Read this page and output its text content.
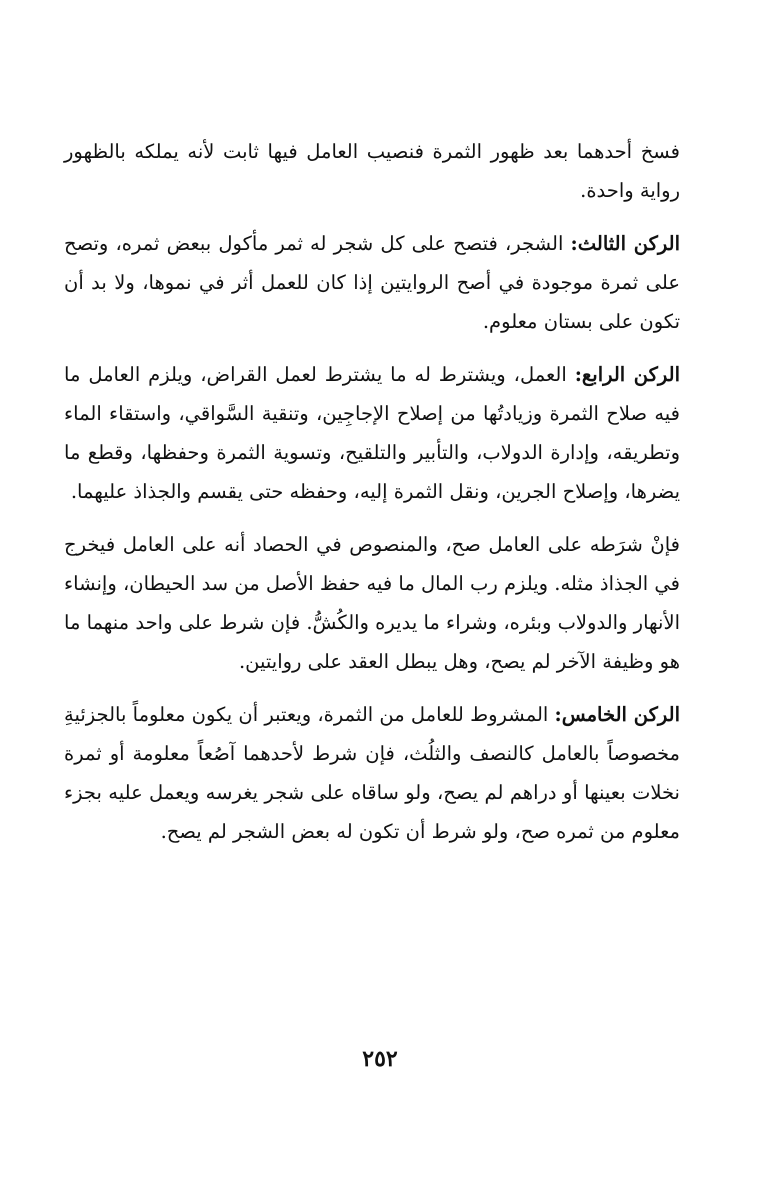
فسخ أحدهما بعد ظهور الثمرة فنصيب العامل فيها ثابت لأنه يملكه بالظهور رواية واحدة.

الركن الثالث: الشجر، فتصح على كل شجر له ثمر مأكول ببعض ثمره، وتصح على ثمرة موجودة في أصح الروايتين إذا كان للعمل أثر في نموها، ولا بد أن تكون على بستان معلوم.

الركن الرابع: العمل، ويشترط له ما يشترط لعمل القراض، ويلزم العامل ما فيه صلاح الثمرة وزيادتُها من إصلاح الإجاجِين، وتنقية السَّواقي، واستقاء الماء وتطريقه، وإدارة الدولاب، والتأبير والتلقيح، وتسوية الثمرة وحفظها، وقطع ما يضرها، وإصلاح الجرين، ونقل الثمرة إليه، وحفظه حتى يقسم والجذاذ عليهما.

فإنْ شرَطه على العامل صح، والمنصوص في الحصاد أنه على العامل فيخرج في الجذاذ مثله. ويلزم رب المال ما فيه حفظ الأصل من سد الحيطان، وإنشاء الأنهار والدولاب وبئره، وشراء ما يديره والكُشُّ. فإن شرط على واحد منهما ما هو وظيفة الآخر لم يصح، وهل يبطل العقد على روايتين.

الركن الخامس: المشروط للعامل من الثمرة، ويعتبر أن يكون معلوماً بالجزئيةِ مخصوصاً بالعامل كالنصف والثلُث، فإن شرط لأحدهما آصُعاً معلومة أو ثمرة نخلات بعينها أو دراهم لم يصح، ولو ساقاه على شجر يغرسه ويعمل عليه بجزء معلوم من ثمره صح، ولو شرط أن تكون له بعض الشجر لم يصح.

٢٥٢
